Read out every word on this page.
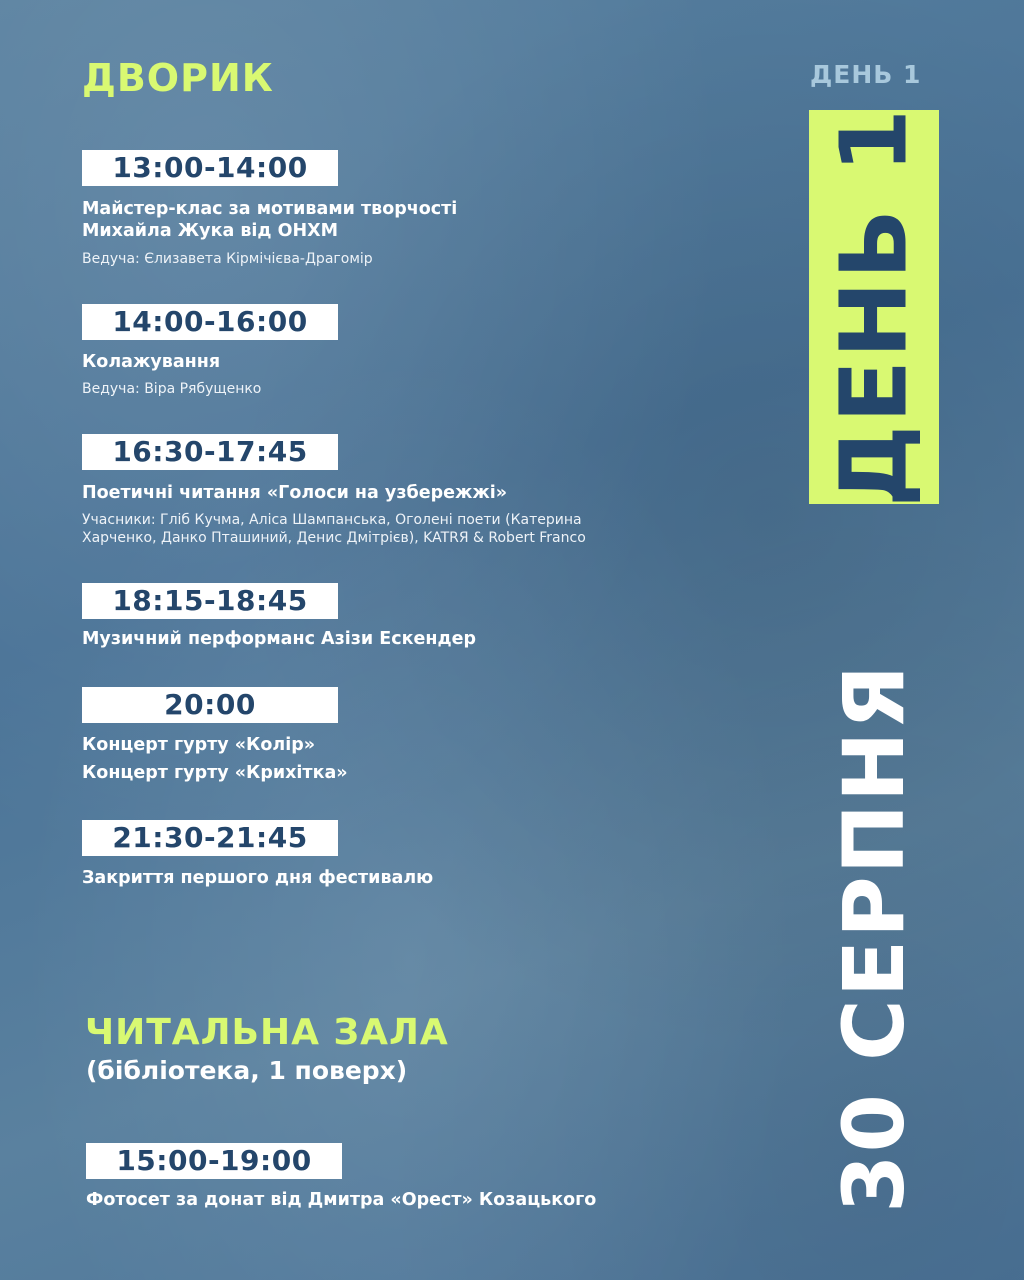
ДВОРИК
13:00-14:00
Майстер-клас за мотивами творчості
Михайла Жука від ОНХМ
Ведуча: Єлизавета Кірмічієва-Драгомір
14:00-16:00
Колажування
Ведуча: Віра Рябущенко
16:30-17:45
Поетичні читання «Голоси на узбережжі»
Учасники: Гліб Кучма, Аліса Шампанська, Оголені поети (Катерина
Харченко, Данко Пташиний, Денис Дмітрієв), KATRЯ & Robert Franco
18:15-18:45
Музичний перформанс Азізи Ескендер
20:00
Концерт гурту «Колір»
Концерт гурту «Крихітка»
21:30-21:45
Закриття першого дня фестивалю
ЧИТАЛЬНА ЗАЛА
(бібліотека, 1 поверх)
15:00-19:00
Фотосет за донат від Дмитра «Орест» Козацького
ДЕНЬ 1
ДЕНЬ 1
30 СЕРПНЯ
